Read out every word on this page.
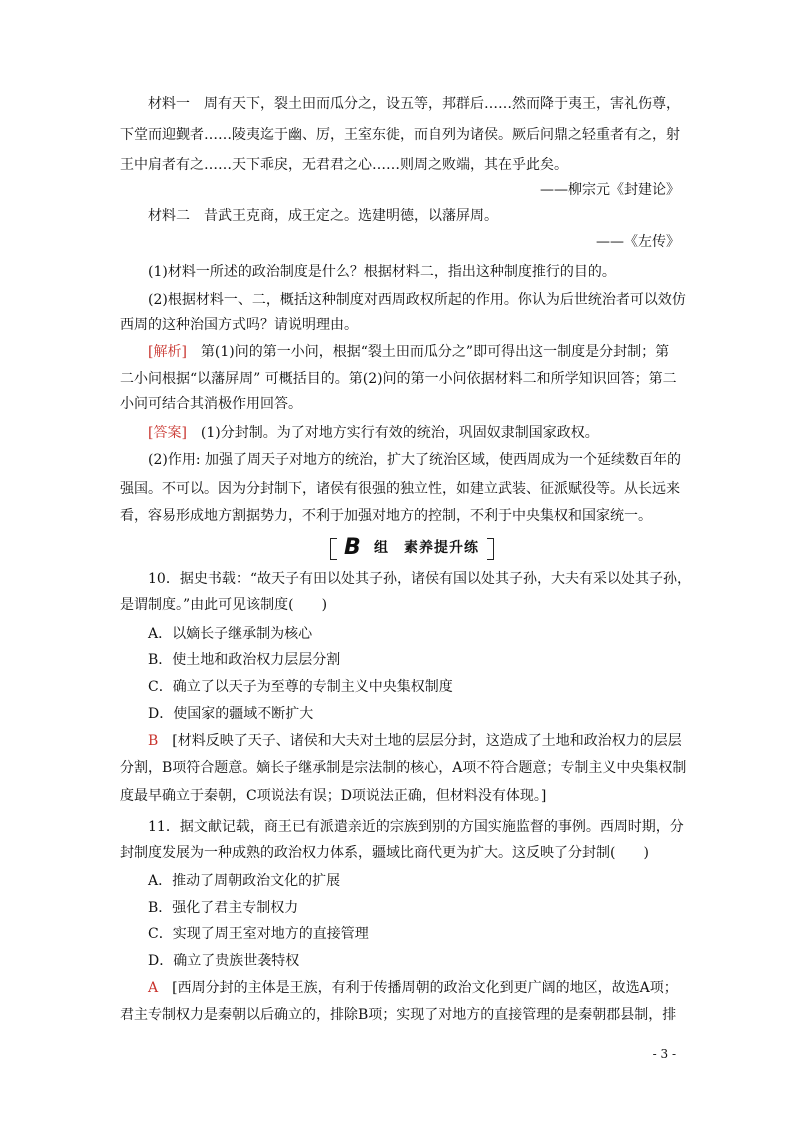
材料一　周有天下，裂土田而瓜分之，设五等，邦群后……然而降于夷王，害礼伤尊，
下堂而迎觐者……陵夷迄于幽、厉，王室东徙，而自列为诸侯。厥后问鼎之轻重者有之，射
王中肩者有之……天下乖戾，无君君之心……则周之败端，其在乎此矣。
——柳宗元《封建论》
材料二　昔武王克商，成王定之。选建明德，以藩屏周。
——《左传》
(1)材料一所述的政治制度是什么？根据材料二，指出这种制度推行的目的。
(2)根据材料一、二，概括这种制度对西周政权所起的作用。你认为后世统治者可以效仿
西周的这种治国方式吗？请说明理由。
[解析]　第(1)问的第一小问，根据“裂土田而瓜分之”即可得出这一制度是分封制；第
二小问根据“以藩屏周” 可概括目的。第(2)问的第一小问依据材料二和所学知识回答；第二
小问可结合其消极作用回答。
[答案]　(1)分封制。为了对地方实行有效的统治，巩固奴隶制国家政权。
(2)作用: 加强了周天子对地方的统治，扩大了统治区域，使西周成为一个延续数百年的
强国。不可以。因为分封制下，诸侯有很强的独立性，如建立武装、征派赋役等。从长远来
看，容易形成地方割据势力，不利于加强对地方的控制，不利于中央集权和国家统一。
B 组　素养提升练
10．据史书载：“故天子有田以处其子孙，诸侯有国以处其子孙，大夫有采以处其子孙，
是谓制度。”由此可见该制度(　　)
A．以嫡长子继承制为核心
B．使土地和政治权力层层分割
C．确立了以天子为至尊的专制主义中央集权制度
D．使国家的疆域不断扩大
B　[材料反映了天子、诸侯和大夫对土地的层层分封，这造成了土地和政治权力的层层
分割，B项符合题意。嫡长子继承制是宗法制的核心，A项不符合题意；专制主义中央集权制
度最早确立于秦朝，C项说法有误；D项说法正确，但材料没有体现。]
11．据文献记载，商王已有派遣亲近的宗族到别的方国实施监督的事例。西周时期，分
封制度发展为一种成熟的政治权力体系，疆域比商代更为扩大。这反映了分封制(　　)
A．推动了周朝政治文化的扩展
B．强化了君主专制权力
C．实现了周王室对地方的直接管理
D．确立了贵族世袭特权
A　[西周分封的主体是王族，有利于传播周朝的政治文化到更广阔的地区，故选A项；
君主专制权力是秦朝以后确立的，排除B项；实现了对地方的直接管理的是秦朝郡县制，排
- 3 -
